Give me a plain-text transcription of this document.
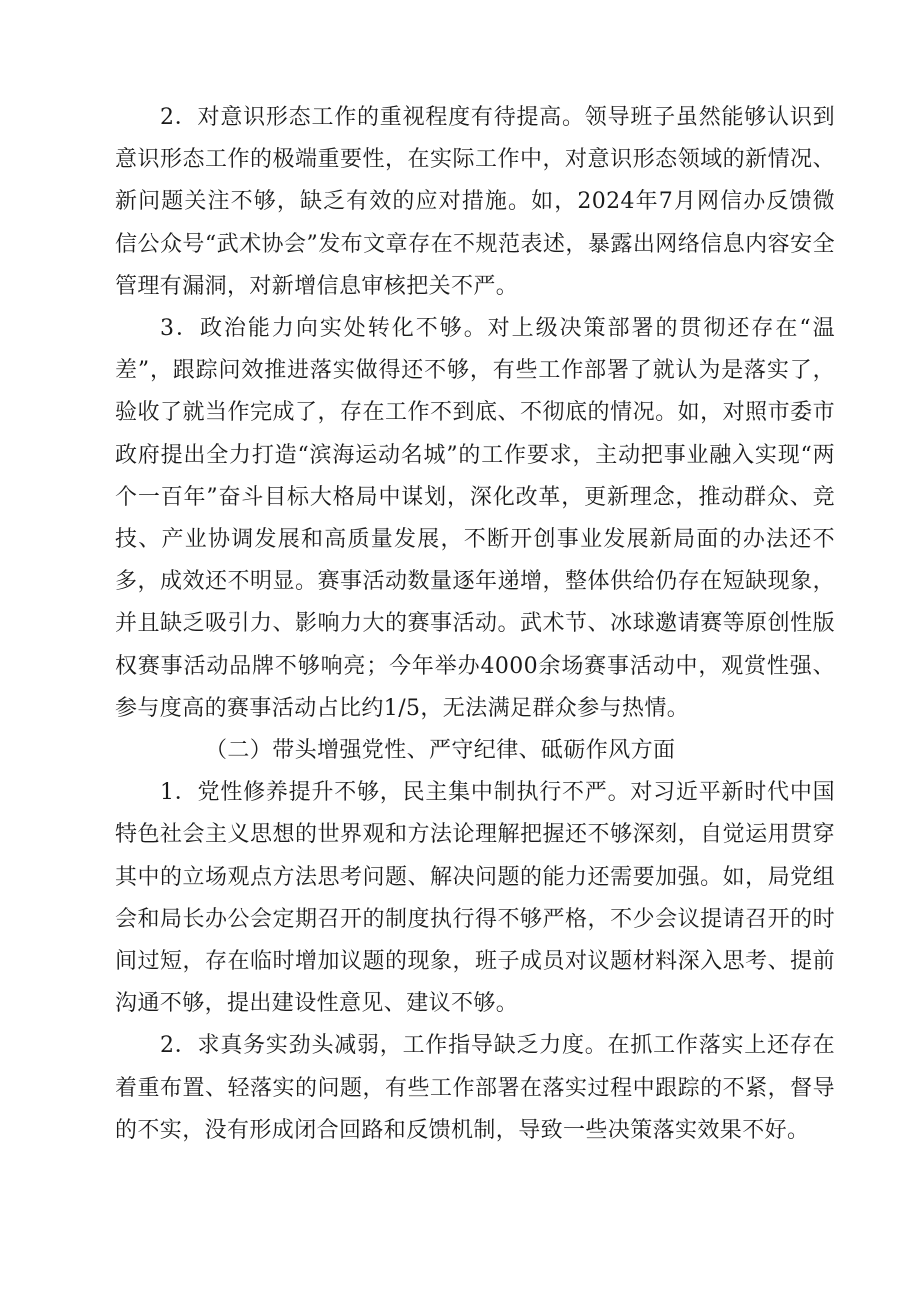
2．对意识形态工作的重视程度有待提高。领导班子虽然能够认识到意识形态工作的极端重要性，在实际工作中，对意识形态领域的新情况、新问题关注不够，缺乏有效的应对措施。如，2024年7月网信办反馈微信公众号“武术协会”发布文章存在不规范表述，暴露出网络信息内容安全管理有漏洞，对新增信息审核把关不严。

3．政治能力向实处转化不够。对上级决策部署的贯彻还存在“温差”，跟踪问效推进落实做得还不够，有些工作部署了就认为是落实了，验收了就当作完成了，存在工作不到底、不彻底的情况。如，对照市委市政府提出全力打造“滨海运动名城”的工作要求，主动把事业融入实现“两个一百年”奋斗目标大格局中谋划，深化改革，更新理念，推动群众、竞技、产业协调发展和高质量发展，不断开创事业发展新局面的办法还不多，成效还不明显。赛事活动数量逐年递增，整体供给仍存在短缺现象，并且缺乏吸引力、影响力大的赛事活动。武术节、冰球邀请赛等原创性版权赛事活动品牌不够响亮；今年举办4000余场赛事活动中，观赏性强、参与度高的赛事活动占比约1/5，无法满足群众参与热情。

（二）带头增强党性、严守纪律、砥砺作风方面

1．党性修养提升不够，民主集中制执行不严。对习近平新时代中国特色社会主义思想的世界观和方法论理解把握还不够深刻，自觉运用贯穿其中的立场观点方法思考问题、解决问题的能力还需要加强。如，局党组会和局长办公会定期召开的制度执行得不够严格，不少会议提请召开的时间过短，存在临时增加议题的现象，班子成员对议题材料深入思考、提前沟通不够，提出建设性意见、建议不够。

2．求真务实劲头减弱，工作指导缺乏力度。在抓工作落实上还存在着重布置、轻落实的问题，有些工作部署在落实过程中跟踪的不紧，督导的不实，没有形成闭合回路和反馈机制，导致一些决策落实效果不好。
